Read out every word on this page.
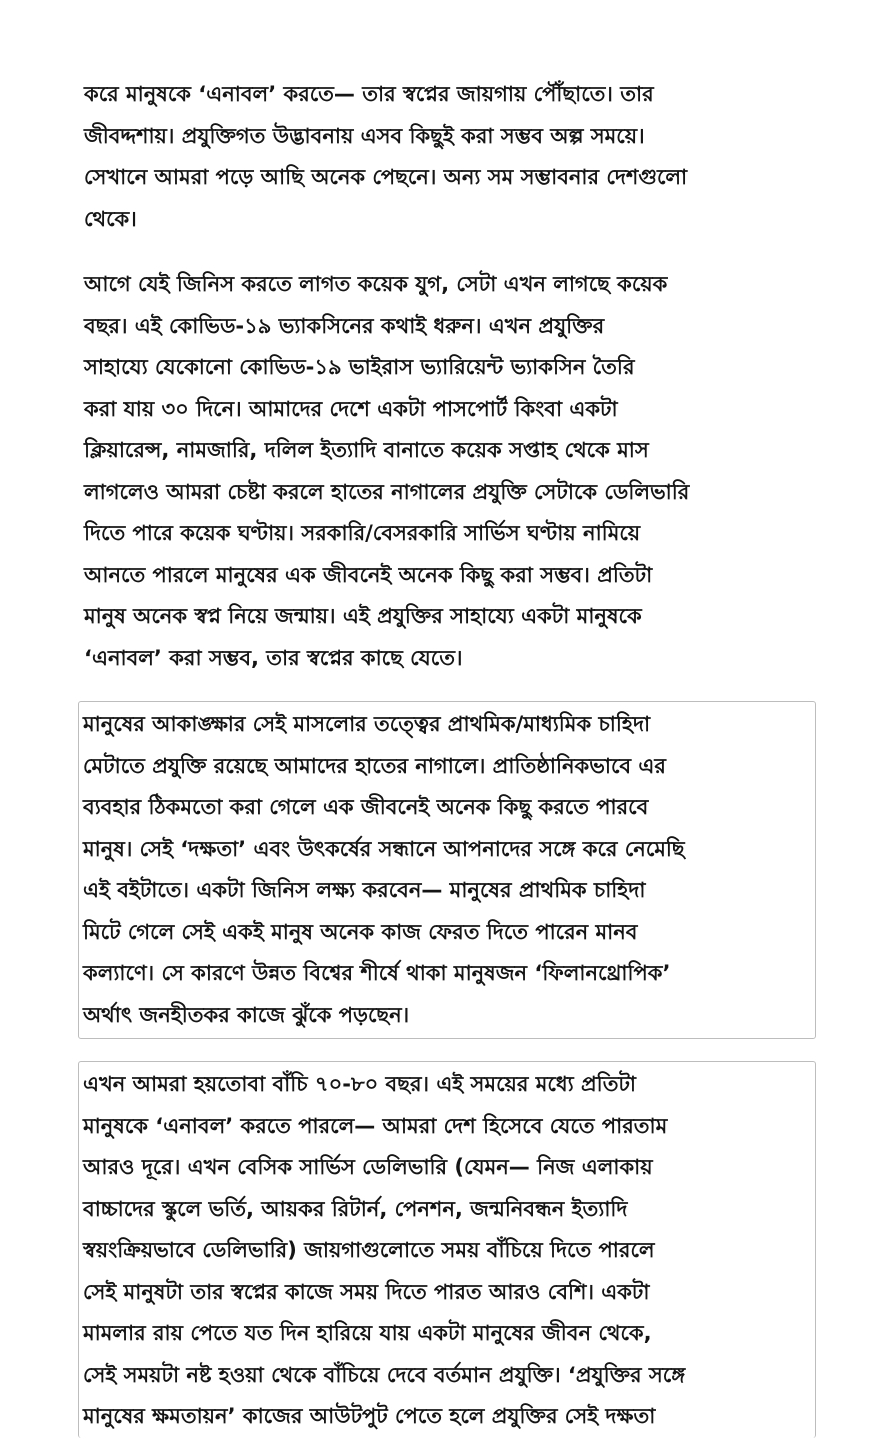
করে মানুষকে ‘এনাবল’ করতে— তার স্বপ্নের জায়গায় পৌঁছাতে। তার
জীবদ্দশায়। প্রযুক্তিগত উদ্ভাবনায় এসব কিছুই করা সম্ভব অল্প সময়ে।
সেখানে আমরা পড়ে আছি অনেক পেছনে। অন্য সম সম্ভাবনার দেশগুলো
থেকে।

আগে যেই জিনিস করতে লাগত কয়েক যুগ, সেটা এখন লাগছে কয়েক
বছর। এই কোভিড-১৯ ভ্যাকসিনের কথাই ধরুন। এখন প্রযুক্তির
সাহায্যে যেকোনো কোভিড-১৯ ভাইরাস ভ্যারিয়েন্ট ভ্যাকসিন তৈরি
করা যায় ৩০ দিনে। আমাদের দেশে একটা পাসপোর্ট কিংবা একটা
ক্লিয়ারেন্স, নামজারি, দলিল ইত্যাদি বানাতে কয়েক সপ্তাহ থেকে মাস
লাগলেও আমরা চেষ্টা করলে হাতের নাগালের প্রযুক্তি সেটাকে ডেলিভারি
দিতে পারে কয়েক ঘণ্টায়। সরকারি/বেসরকারি সার্ভিস ঘণ্টায় নামিয়ে
আনতে পারলে মানুষের এক জীবনেই অনেক কিছু করা সম্ভব। প্রতিটা
মানুষ অনেক স্বপ্ন নিয়ে জন্মায়। এই প্রযুক্তির সাহায্যে একটা মানুষকে
‘এনাবল’ করা সম্ভব, তার স্বপ্নের কাছে যেতে।

মানুষের আকাঙ্ক্ষার সেই মাসলোর তত্ত্বের প্রাথমিক/মাধ্যমিক চাহিদা
মেটাতে প্রযুক্তি রয়েছে আমাদের হাতের নাগালে। প্রাতিষ্ঠানিকভাবে এর
ব্যবহার ঠিকমতো করা গেলে এক জীবনেই অনেক কিছু করতে পারবে
মানুষ। সেই ‘দক্ষতা’ এবং উৎকর্ষের সন্ধানে আপনাদের সঙ্গে করে নেমেছি
এই বইটাতে। একটা জিনিস লক্ষ্য করবেন— মানুষের প্রাথমিক চাহিদা
মিটে গেলে সেই একই মানুষ অনেক কাজ ফেরত দিতে পারেন মানব
কল্যাণে। সে কারণে উন্নত বিশ্বের শীর্ষে থাকা মানুষজন ‘ফিলানথ্রোপিক’
অর্থাৎ জনহীতকর কাজে ঝুঁকে পড়ছেন।

এখন আমরা হয়তোবা বাঁচি ৭০-৮০ বছর। এই সময়ের মধ্যে প্রতিটা
মানুষকে ‘এনাবল’ করতে পারলে— আমরা দেশ হিসেবে যেতে পারতাম
আরও দূরে। এখন বেসিক সার্ভিস ডেলিভারি (যেমন— নিজ এলাকায়
বাচ্চাদের স্কুলে ভর্তি, আয়কর রিটার্ন, পেনশন, জন্মনিবন্ধন ইত্যাদি
স্বয়ংক্রিয়ভাবে ডেলিভারি) জায়গাগুলোতে সময় বাঁচিয়ে দিতে পারলে
সেই মানুষটা তার স্বপ্নের কাজে সময় দিতে পারত আরও বেশি। একটা
মামলার রায় পেতে যত দিন হারিয়ে যায় একটা মানুষের জীবন থেকে,
সেই সময়টা নষ্ট হওয়া থেকে বাঁচিয়ে দেবে বর্তমান প্রযুক্তি। ‘প্রযুক্তির সঙ্গে
মানুষের ক্ষমতায়ন’ কাজের আউটপুট পেতে হলে প্রযুক্তির সেই দক্ষতা
